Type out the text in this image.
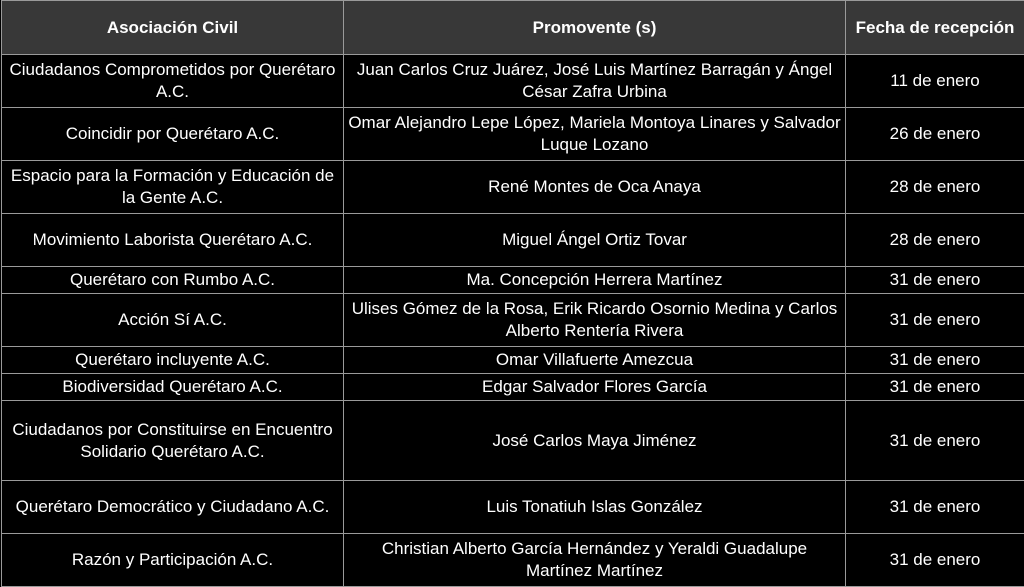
Asociación Civil	Promovente (s)	Fecha de recepción
Ciudadanos Comprometidos por Querétaro A.C.	Juan Carlos Cruz Juárez, José Luis Martínez Barragán y Ángel César Zafra Urbina	11 de enero
Coincidir por Querétaro A.C.	Omar Alejandro Lepe López, Mariela Montoya Linares y Salvador Luque Lozano	26 de enero
Espacio para la Formación y Educación de la Gente A.C.	René Montes de Oca Anaya	28 de enero
Movimiento Laborista Querétaro A.C.	Miguel Ángel Ortiz Tovar	28 de enero
Querétaro con Rumbo A.C.	Ma. Concepción Herrera Martínez	31 de enero
Acción Sí A.C.	Ulises Gómez de la Rosa, Erik Ricardo Osornio Medina y Carlos Alberto Rentería Rivera	31 de enero
Querétaro incluyente A.C.	Omar Villafuerte Amezcua	31 de enero
Biodiversidad Querétaro A.C.	Edgar Salvador Flores García	31 de enero
Ciudadanos por Constituirse en Encuentro Solidario Querétaro A.C.	José Carlos Maya Jiménez	31 de enero
Querétaro Democrático y Ciudadano A.C.	Luis Tonatiuh Islas González	31 de enero
Razón y Participación A.C.	Christian Alberto García Hernández y Yeraldi Guadalupe Martínez Martínez	31 de enero
